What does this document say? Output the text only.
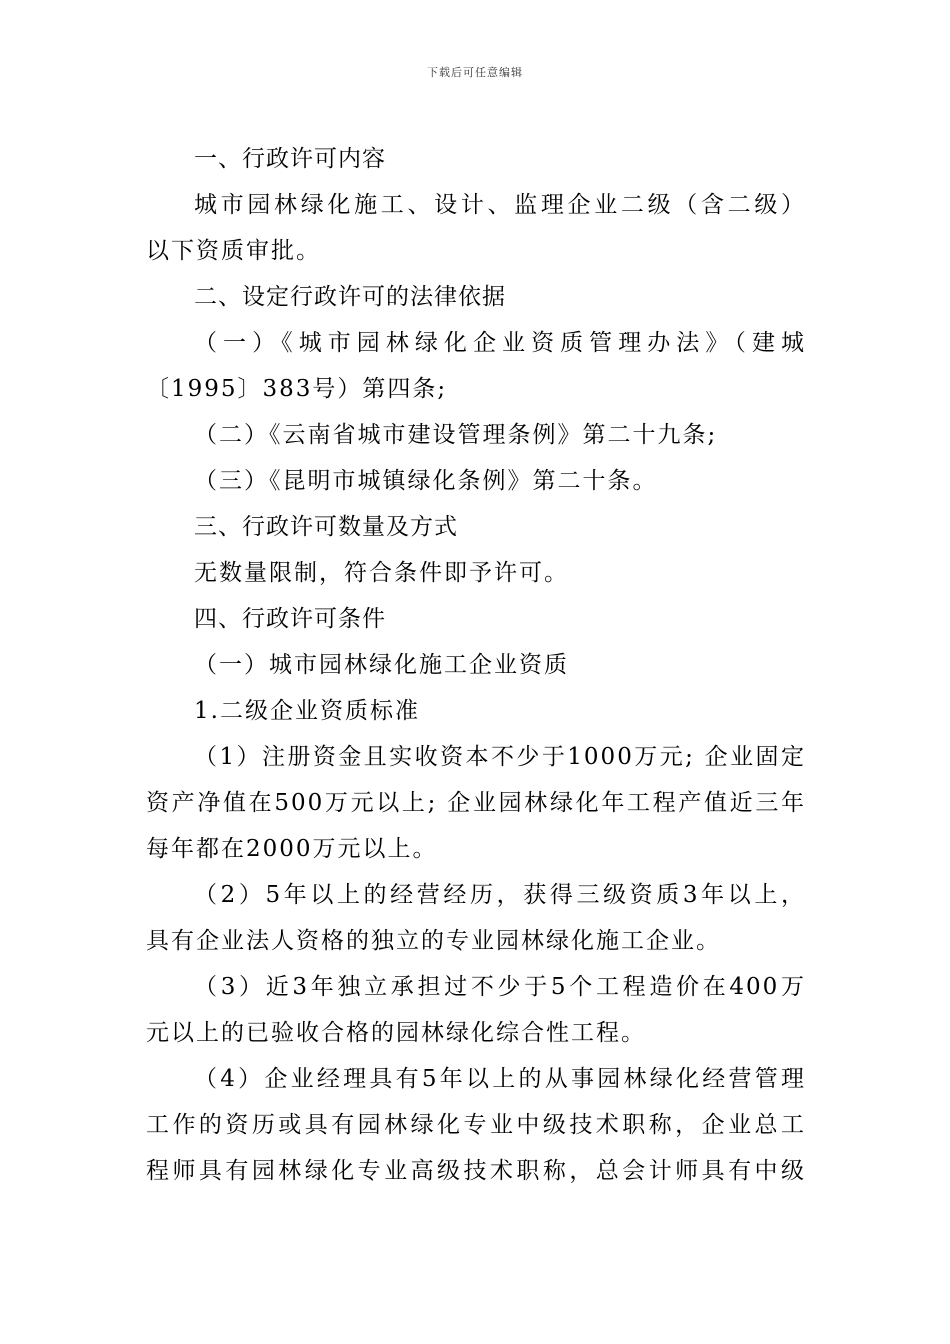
下载后可任意编辑
一、行政许可内容
城市园林绿化施工、设计、监理企业二级（含二级）
以下资质审批。
二、设定行政许可的法律依据
（一）《城市园林绿化企业资质管理办法》（建城
〔1995〕383号）第四条;
（二）《云南省城市建设管理条例》第二十九条;
（三）《昆明市城镇绿化条例》第二十条。
三、行政许可数量及方式
无数量限制，符合条件即予许可。
四、行政许可条件
（一）城市园林绿化施工企业资质
1.二级企业资质标准
（1）注册资金且实收资本不少于1000万元; 企业固定
资产净值在500万元以上; 企业园林绿化年工程产值近三年
每年都在2000万元以上。
（2）5年以上的经营经历，获得三级资质3年以上，
具有企业法人资格的独立的专业园林绿化施工企业。
（3）近3年独立承担过不少于5个工程造价在400万
元以上的已验收合格的园林绿化综合性工程。
（4）企业经理具有5年以上的从事园林绿化经营管理
工作的资历或具有园林绿化专业中级技术职称，企业总工
程师具有园林绿化专业高级技术职称，总会计师具有中级
